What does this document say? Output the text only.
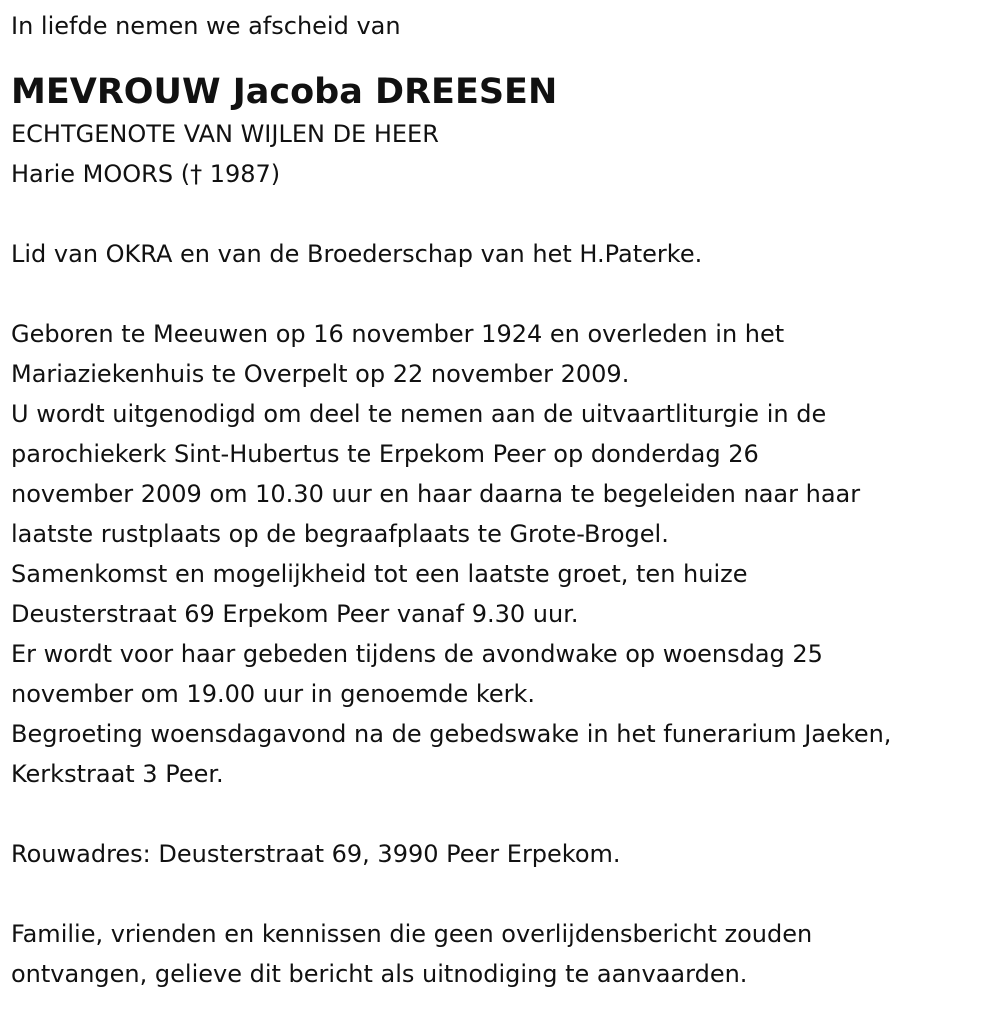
In liefde nemen we afscheid van

MEVROUW Jacoba DREESEN

ECHTGENOTE VAN WIJLEN DE HEER

Harie MOORS († 1987)

Lid van OKRA en van de Broederschap van het H.Paterke.

Geboren te Meeuwen op 16 november 1924 en overleden in het

Mariaziekenhuis te Overpelt op 22 november 2009.

U wordt uitgenodigd om deel te nemen aan de uitvaartliturgie in de

parochiekerk Sint-Hubertus te Erpekom Peer op donderdag 26

november 2009 om 10.30 uur en haar daarna te begeleiden naar haar

laatste rustplaats op de begraafplaats te Grote-Brogel.

Samenkomst en mogelijkheid tot een laatste groet, ten huize

Deusterstraat 69 Erpekom Peer vanaf 9.30 uur.

Er wordt voor haar gebeden tijdens de avondwake op woensdag 25

november om 19.00 uur in genoemde kerk.

Begroeting woensdagavond na de gebedswake in het funerarium Jaeken,

Kerkstraat 3 Peer.

Rouwadres: Deusterstraat 69, 3990 Peer Erpekom.

Familie, vrienden en kennissen die geen overlijdensbericht zouden

ontvangen, gelieve dit bericht als uitnodiging te aanvaarden.
